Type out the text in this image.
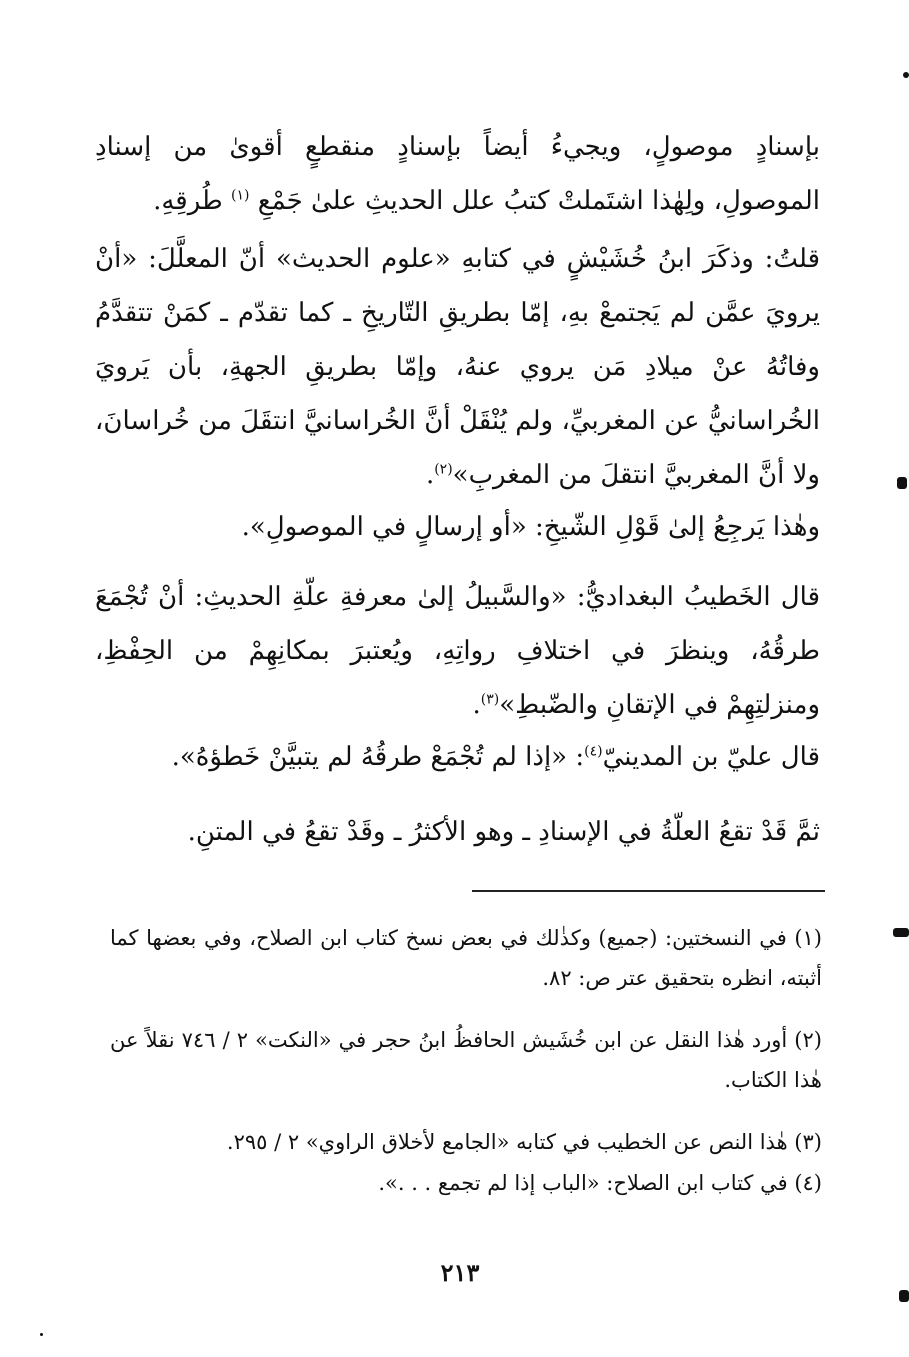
بإسنادٍ موصولٍ، ويجيءُ أيضاً بإسنادٍ منقطعٍ أقوىٰ من إسنادِ الموصولِ، ولِهٰذا اشتَملتْ كتبُ علل الحديثِ علىٰ جَمْعِ $^{(١)}$ طُرقِهِ.
قلتُ: وذكَرَ ابنُ خُشَيْشٍ في كتابهِ «علوم الحديث» أنّ المعلَّلَ: «أنْ يرويَ عمَّن لم يَجتمعْ بهِ، إمّا بطريقِ التّاريخِ ـ كما تقدّم ـ كمَنْ تتقدَّمُ وفاتُهُ عنْ ميلادِ مَن يروي عنهُ، وإمّا بطريقِ الجهةِ، بأن يَرويَ الخُراسانيُّ عن المغربيِّ، ولم يُنْقَلْ أنَّ الخُراسانيَّ انتقَلَ من خُراسانَ، ولا أنَّ المغربيَّ انتقلَ من المغربِ»$^{(٢)}$.
وهٰذا يَرجِعُ إلىٰ قَوْلِ الشّيخِ: «أو إرسالٍ في الموصولِ».
قال الخَطيبُ البغداديُّ: «والسَّبيلُ إلىٰ معرفةِ علّةِ الحديثِ: أنْ تُجْمَعَ طرقُهُ، وينظرَ في اختلافِ رواتِهِ، ويُعتبرَ بمكانِهِمْ من الحِفْظِ، ومنزلتِهِمْ في الإتقانِ والضّبطِ»$^{(٣)}$.
قال عليّ بن المدينيّ$^{(٤)}$: «إذا لم تُجْمَعْ طرقُهُ لم يتبيَّنْ خَطؤهُ».
ثمَّ قَدْ تقعُ العلّةُ في الإسنادِ ـ وهو الأكثرُ ـ وقَدْ تقعُ في المتنِ.
(١) في النسختين: (جميع) وكذٰلك في بعض نسخ كتاب ابن الصلاح، وفي بعضها كما أثبته، انظره بتحقيق عتر ص: ٨٢.
(٢) أورد هٰذا النقل عن ابن خُشَيش الحافظُ ابنُ حجر في «النكت» ٢ / ٧٤٦ نقلاً عن هٰذا الكتاب.
(٣) هٰذا النص عن الخطيب في كتابه «الجامع لأخلاق الراوي» ٢ / ٢٩٥.
(٤) في كتاب ابن الصلاح: «الباب إذا لم تجمع . . .».
٢١٣
